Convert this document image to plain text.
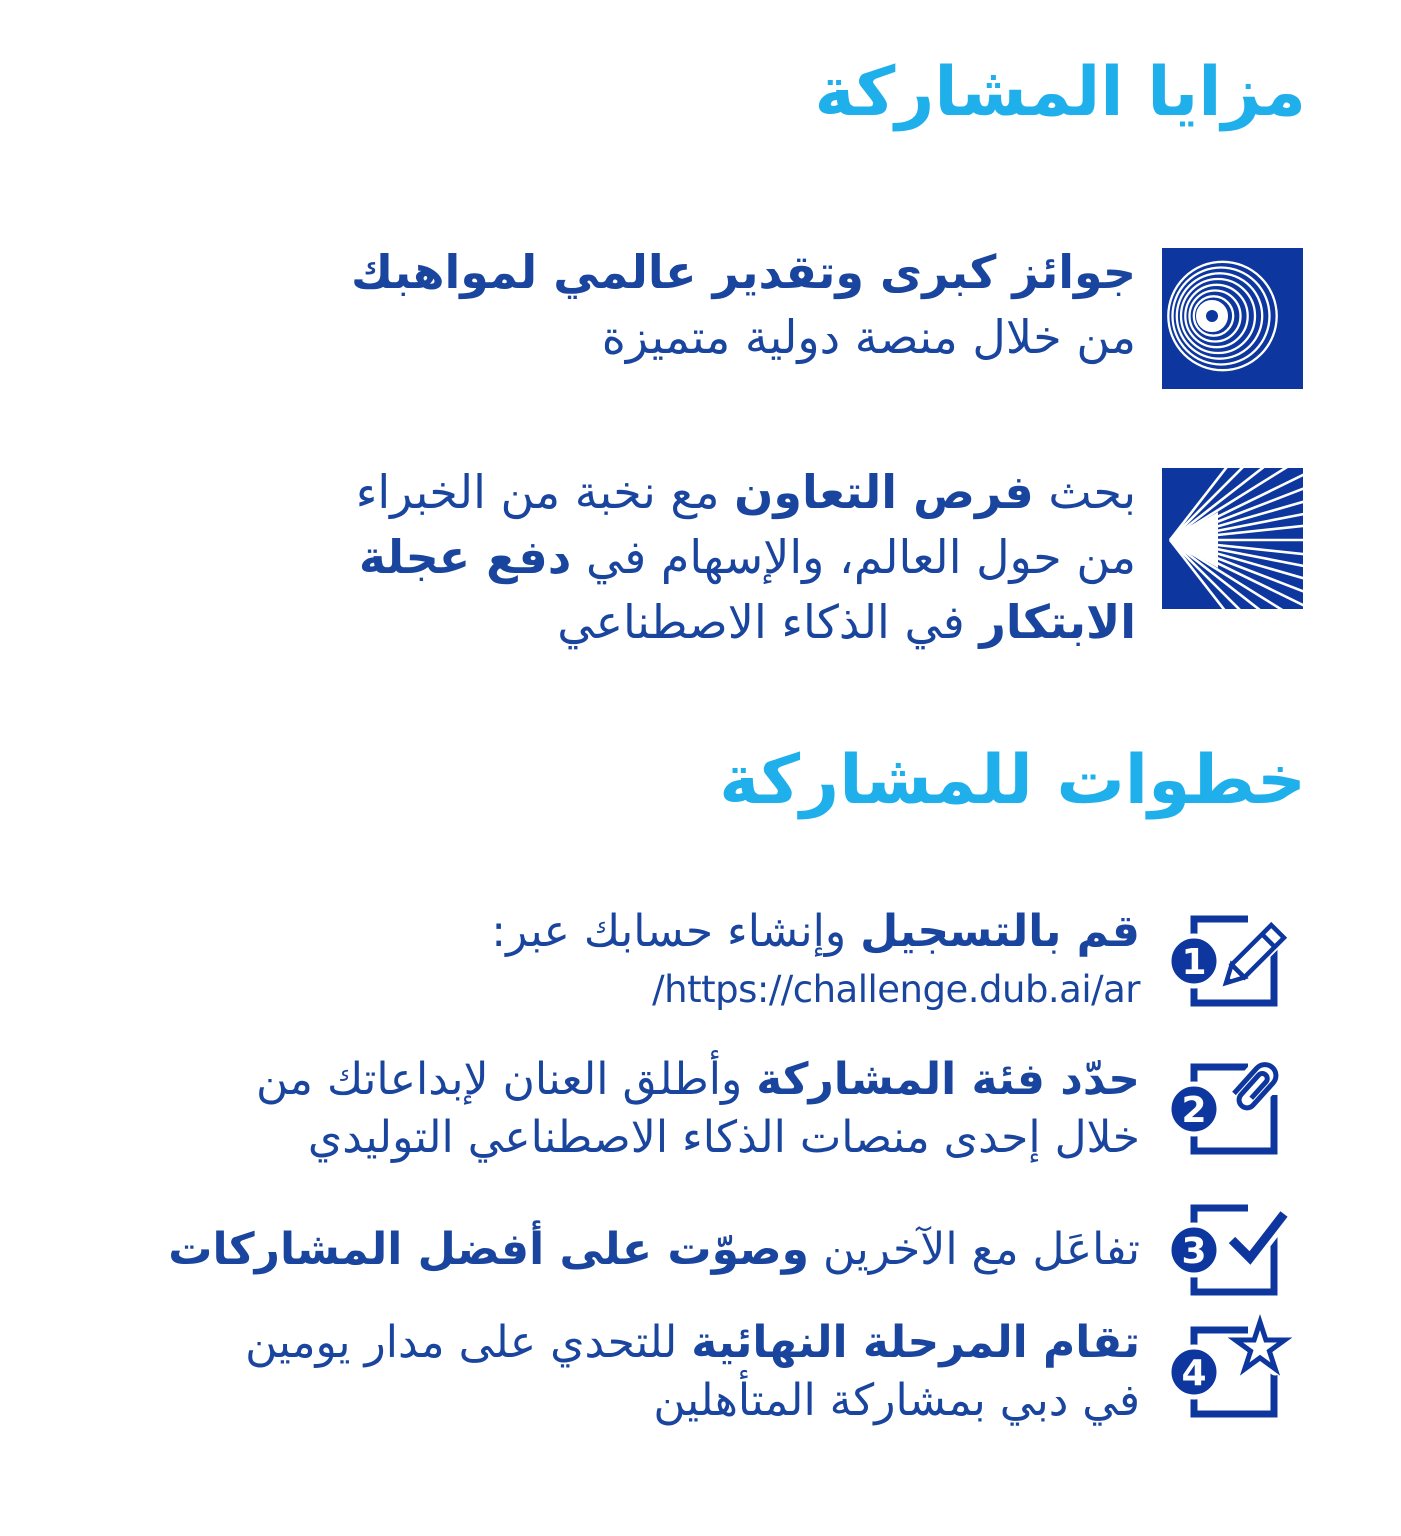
مزايا المشاركة
جوائز كبرى وتقدير عالمي لمواهبك
من خلال منصة دولية متميزة
بحث فرص التعاون مع نخبة من الخبراء
من حول العالم، والإسهام في دفع عجلة
الابتكار في الذكاء الاصطناعي
خطوات للمشاركة
1
قم بالتسجيل وإنشاء حسابك عبر:
https://challenge.dub.ai/ar/
2
حدّد فئة المشاركة وأطلق العنان لإبداعاتك من
خلال إحدى منصات الذكاء الاصطناعي التوليدي
3
تفاعَل مع الآخرين وصوّت على أفضل المشاركات
4
تقام المرحلة النهائية للتحدي على مدار يومين
في دبي بمشاركة المتأهلين
